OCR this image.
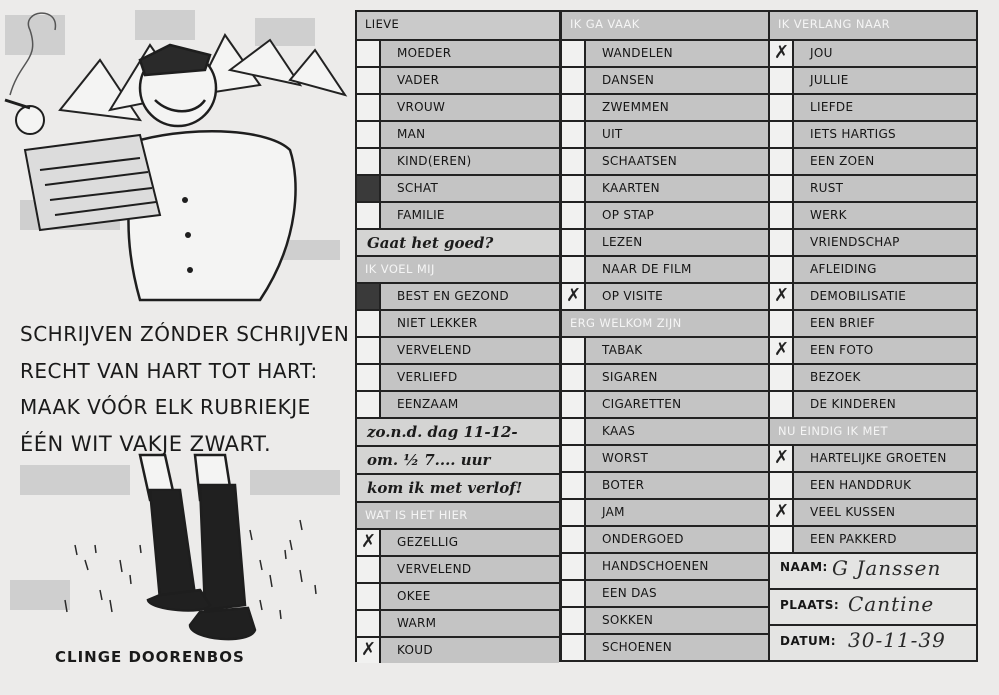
SCHRIJVEN ZÓNDER SCHRIJVEN
RECHT VAN HART TOT HART:
MAAK VÓÓR ELK RUBRIEKJE
ÉÉN WIT VAKJE ZWART.
CLINGE DOORENBOS
LIEVE
MOEDER
VADER
VROUW
MAN
KIND(EREN)
SCHAT
FAMILIE
Gaat het goed?
IK VOEL MIJ
BEST EN GEZOND
NIET LEKKER
VERVELEND
VERLIEFD
EENZAAM
zo.n.d. dag 11-12-
om. ½ 7.... uur
kom ik met verlof!
WAT IS HET HIER
✗	GEZELLIG
VERVELEND
OKEE
WARM
✗	KOUD
IK GA VAAK
WANDELEN
DANSEN
ZWEMMEN
UIT
SCHAATSEN
KAARTEN
OP STAP
LEZEN
NAAR DE FILM
✗	OP VISITE
ERG WELKOM ZIJN
TABAK
SIGAREN
CIGARETTEN
KAAS
WORST
BOTER
JAM
ONDERGOED
HANDSCHOENEN
EEN DAS
SOKKEN
SCHOENEN
IK VERLANG NAAR
✗	JOU
JULLIE
LIEFDE
IETS HARTIGS
EEN ZOEN
RUST
WERK
VRIENDSCHAP
AFLEIDING
✗	DEMOBILISATIE
EEN BRIEF
✗	EEN FOTO
BEZOEK
DE KINDEREN
NU EINDIG IK MET
✗	HARTELIJKE GROETEN
EEN HANDDRUK
✗	VEEL KUSSEN
EEN PAKKERD
NAAM: G Janssen
PLAATS: Cantine
DATUM: 30-11-39
